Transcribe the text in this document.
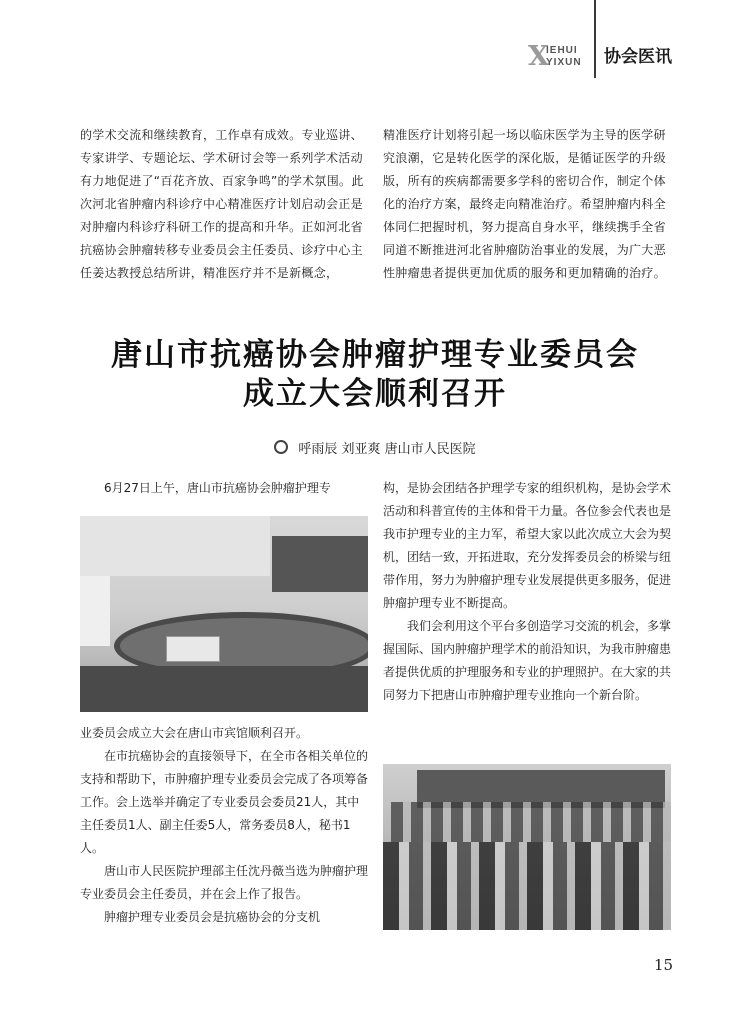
X
IEHUI
YIXUN 协会医讯

的学术交流和继续教育，工作卓有成效。专业巡讲、专家讲学、专题论坛、学术研讨会等一系列学术活动有力地促进了“百花齐放、百家争鸣”的学术氛围。此次河北省肿瘤内科诊疗中心精准医疗计划启动会正是对肿瘤内科诊疗科研工作的提高和升华。正如河北省抗癌协会肿瘤转移专业委员会主任委员、诊疗中心主任姜达教授总结所讲，精准医疗并不是新概念，

精准医疗计划将引起一场以临床医学为主导的医学研究浪潮，它是转化医学的深化版，是循证医学的升级版，所有的疾病都需要多学科的密切合作，制定个体化的治疗方案，最终走向精准治疗。希望肿瘤内科全体同仁把握时机，努力提高自身水平，继续携手全省同道不断推进河北省肿瘤防治事业的发展，为广大恶性肿瘤患者提供更加优质的服务和更加精确的治疗。

唐山市抗癌协会肿瘤护理专业委员会
成立大会顺利召开
呼雨辰 刘亚爽 唐山市人民医院

6月27日上午，唐山市抗癌协会肿瘤护理专

业委员会成立大会在唐山市宾馆顺利召开。

在市抗癌协会的直接领导下，在全市各相关单位的支持和帮助下，市肿瘤护理专业委员会完成了各项筹备工作。会上选举并确定了专业委员会委员21人，其中主任委员1人、副主任委5人，常务委员8人，秘书1人。

唐山市人民医院护理部主任沈丹薇当选为肿瘤护理专业委员会主任委员，并在会上作了报告。

肿瘤护理专业委员会是抗癌协会的分支机

构，是协会团结各护理学专家的组织机构，是协会学术活动和科普宣传的主体和骨干力量。各位参会代表也是我市护理专业的主力军，希望大家以此次成立大会为契机，团结一致，开拓进取，充分发挥委员会的桥梁与纽带作用，努力为肿瘤护理专业发展提供更多服务，促进肿瘤护理专业不断提高。

我们会利用这个平台多创造学习交流的机会，多掌握国际、国内肿瘤护理学术的前沿知识，为我市肿瘤患者提供优质的护理服务和专业的护理照护。在大家的共同努力下把唐山市肿瘤护理专业推向一个新台阶。

15
